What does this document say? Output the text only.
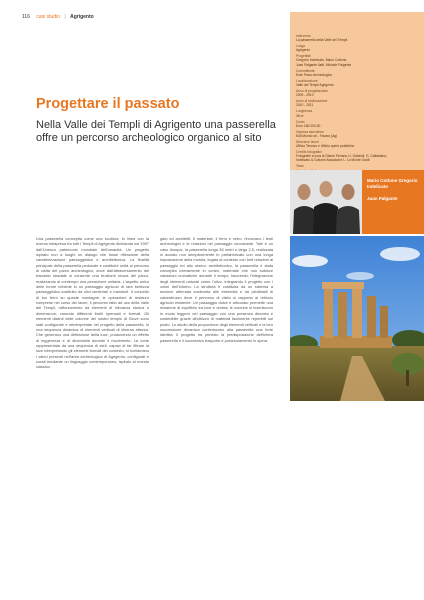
116 casi studio | Agrigento
Intervento
La passerella della Valle dei Templi
Luogo
Agrigento
Progettisti
Gregorio Indelicato, Mario Cottone,
Juan Palgante Ilatti, Michele Palgente
Committente
Ente Parco Archeologico
Localizzazione
Valle dei Templi Agrigento
Anno di progettazione
2009 - 2010
Anno di realizzazione
2010 - 2011
Lunghezza
35 m
Costo
Euro 180.000,00
Impresa esecutrice
Edil Mondo srl - Favara (Ag)
Direzione lavori
Ufficio Tecnico e Ufficio opere pubbliche
Credits fotografici
Fotografie a cura di Gianni Ferrara, U. Galizioli, G. Caltabiano,
Indelicato & Cottone Associati e L. Lo Monte Goldt
Testo
Progettare il passato
Nella Valle dei Templi di Agrigento una passerella offre un percorso archeologico organico al sito
Mario Cottone Gregorio Indelicato
Juan Palgante
Una passerella concepita come una scultura, in linea con la ricerca intrapresa fra tutti i Templi di Agrigento dichiarata nel 1997 dall'Unesco patrimonio mondiale dell'umanità. Un progetto ispirato non a luoghi un dialogo che fosse riflessione della caratterizzazione paesaggistica e architettonica. La finalità principale della passerella pedonale è costituire unità al percorso di visita del parco archeologico, dove dall'attraversamento del tracciato stradale si consente una fruizione sicura del parco, realizzando al contempo una percezione unitaria. L'aspetto unico delle forme richiede in un paesaggio agricolo di rara bellezza paesaggistica costituito da ulivi centenari e mandorli. Il concetto di tuo ferro su queste montagne, le operazioni di restauro comprese nel corso dei lavori, il percorso fatto ad uso della Valle dei Templi, rafforzamento da elementi di rilevanza storica e dimensione, creando differenti livelli ripensati e formali. Gli elementi distinti delle colonne del nostro tempio di Giove sono stati configurate e reinterpretate nel progetto della passerella, in una sequenza dinamica di elementi verticali di diversa altezza. Che generano una definizione della luce, producendo un effetto di leggerezza e di dinamicità durante il movimento. La corte rappresentata da una sequenza di steli, capaci di far filtrare la luce interpretando gli elementi formali del contesto, si richiamano i valori presenti nell'area archeologica di Agrigento, configurati e curati mediante un linguaggio contemporaneo, ispirato al mondo classico.
gato ed architetti. Il materiale, il ferro e vetro, rinnovano i testi archeologici e le relazioni nel paesaggio circostante. Tale è un caso dunque, la passerella lunga 35 metri e larga 2,5, realizzata in acciaio non semplicemente in prefabbricato con una lunga impostazione della mostra, legata al contesto con forti relazioni al paesaggio ed allo storico architettonico, la passerella è stata concepita interamente in corten, materiale che non subisce variazioni cromatiche durante il tempo, favorendo l'integrazione degli elementi naturali come l'ulivo, integrando il progetto con i colori dell'intorno. La struttura è costituita da un sistema a sezione alternata sostenuta alle estremità e da piedistalli di calcestruzzo dove il percorso di visita si rapporta al reticolo agricolo esistente. Un passaggio dolce e articolato permette una relazione di equilibrio tra luce e ombra; le colonne si inseriscono in modo leggero nel paesaggio con una presenza discreta e sostenibile grazie all'utilizzo di materiali facilmente reperibili sul posto. Lo studio della proporzione degli elementi verticali e la loro successione dinamica conferiscono alla passerella una forte identità. Il progetto ha previsto la predisposizione dell'intera passerella e il successivo trasporto e posizionamento in opera.
